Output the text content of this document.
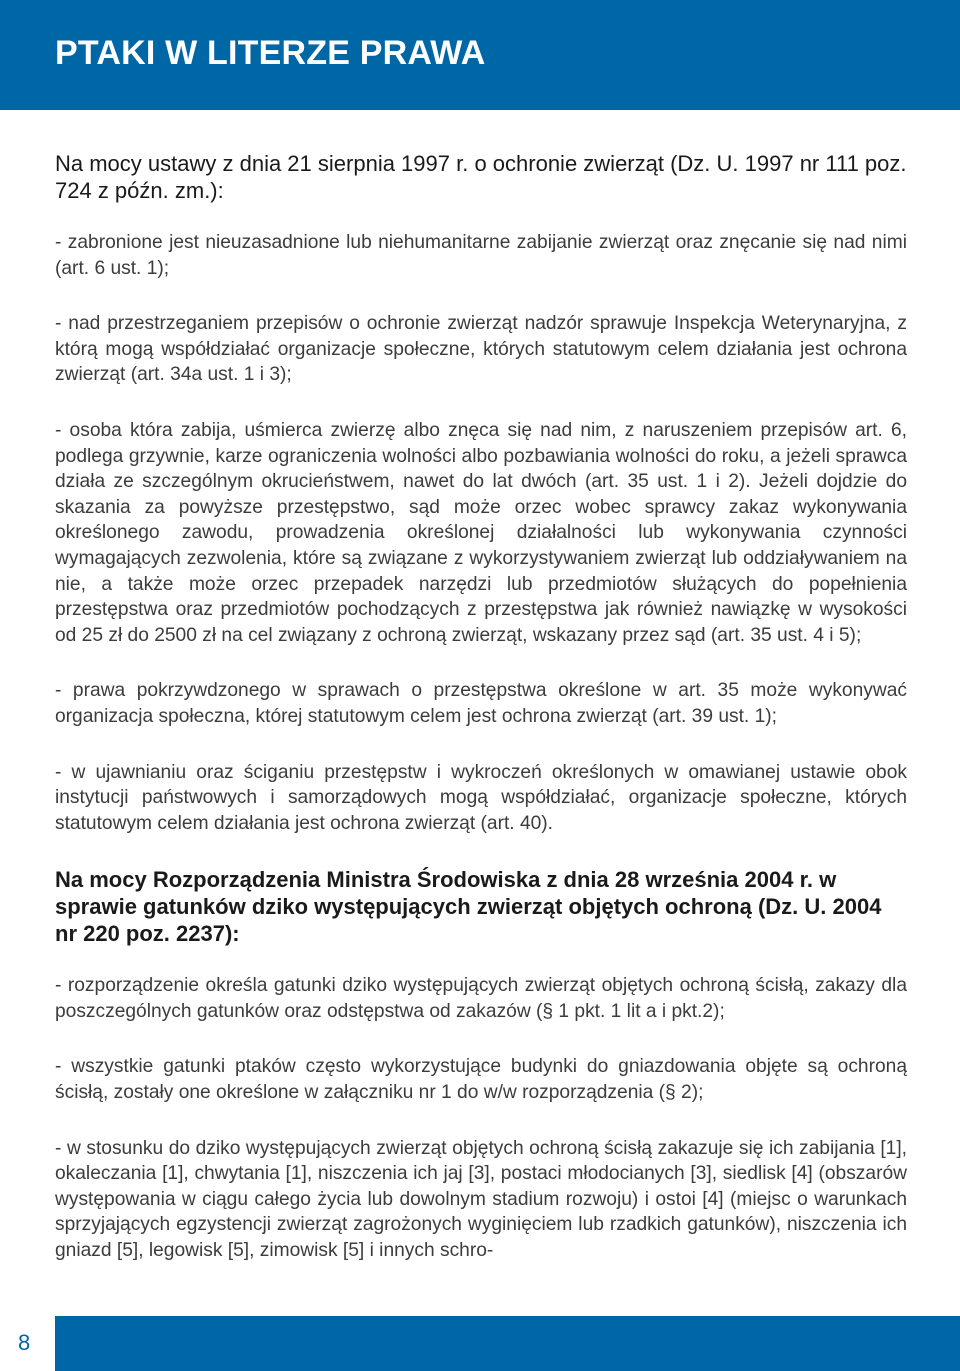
PTAKI W LITERZE PRAWA
Na mocy ustawy z dnia 21 sierpnia 1997 r. o ochronie zwierząt (Dz. U. 1997 nr 111 poz. 724 z późn. zm.):

- zabronione jest nieuzasadnione lub niehumanitarne zabijanie zwierząt oraz znęcanie się nad nimi (art. 6 ust. 1);

- nad przestrzeganiem przepisów o ochronie zwierząt nadzór sprawuje Inspekcja Weterynaryjna, z którą mogą współdziałać organizacje społeczne, których statutowym celem działania jest ochrona zwierząt (art. 34a ust. 1 i 3);

- osoba która zabija, uśmierca zwierzę albo znęca się nad nim, z naruszeniem przepisów art. 6, podlega grzywnie, karze ograniczenia wolności albo pozbawiania wolności do roku, a jeżeli sprawca działa ze szczególnym okrucieństwem, nawet do lat dwóch (art. 35 ust. 1 i 2). Jeżeli dojdzie do skazania za powyższe przestępstwo, sąd może orzec wobec sprawcy zakaz wykonywania określonego zawodu, prowadzenia określonej działalności lub wykonywania czynności wymagających zezwolenia, które są związane z wykorzystywaniem zwierząt lub oddziaływaniem na nie, a także może orzec przepadek narzędzi lub przedmiotów służących do popełnienia przestępstwa oraz przedmiotów pochodzących z przestępstwa jak również nawiązkę w wysokości od 25 zł do 2500 zł na cel związany z ochroną zwierząt, wskazany przez sąd (art. 35 ust. 4 i 5);

- prawa pokrzywdzonego w sprawach o przestępstwa określone w art. 35 może wykonywać organizacja społeczna, której statutowym celem jest ochrona zwierząt (art. 39 ust. 1);

- w ujawnianiu oraz ściganiu przestępstw i wykroczeń określonych w omawianej ustawie obok instytucji państwowych i samorządowych mogą współdziałać, organizacje społeczne, których statutowym celem działania jest ochrona zwierząt (art. 40).

Na mocy Rozporządzenia Ministra Środowiska z dnia 28 września 2004 r. w sprawie gatunków dziko występujących zwierząt objętych ochroną (Dz. U. 2004 nr 220 poz. 2237):

- rozporządzenie określa gatunki dziko występujących zwierząt objętych ochroną ścisłą, zakazy dla poszczególnych gatunków oraz odstępstwa od zakazów (§ 1 pkt. 1 lit a i pkt.2);

- wszystkie gatunki ptaków często wykorzystujące budynki do gniazdowania objęte są ochroną ścisłą, zostały one określone w załączniku nr 1 do w/w rozporządzenia (§ 2);

- w stosunku do dziko występujących zwierząt objętych ochroną ścisłą zakazuje się ich zabijania [1], okaleczania [1], chwytania [1], niszczenia ich jaj [3], postaci młodocianych [3], siedlisk [4] (obszarów występowania w ciągu całego życia lub dowolnym stadium rozwoju) i ostoi [4] (miejsc o warunkach sprzyjających egzystencji zwierząt zagrożonych wyginięciem lub rzadkich gatunków), niszczenia ich gniazd [5], legowisk [5], zimowisk [5] i innych schro-

8
